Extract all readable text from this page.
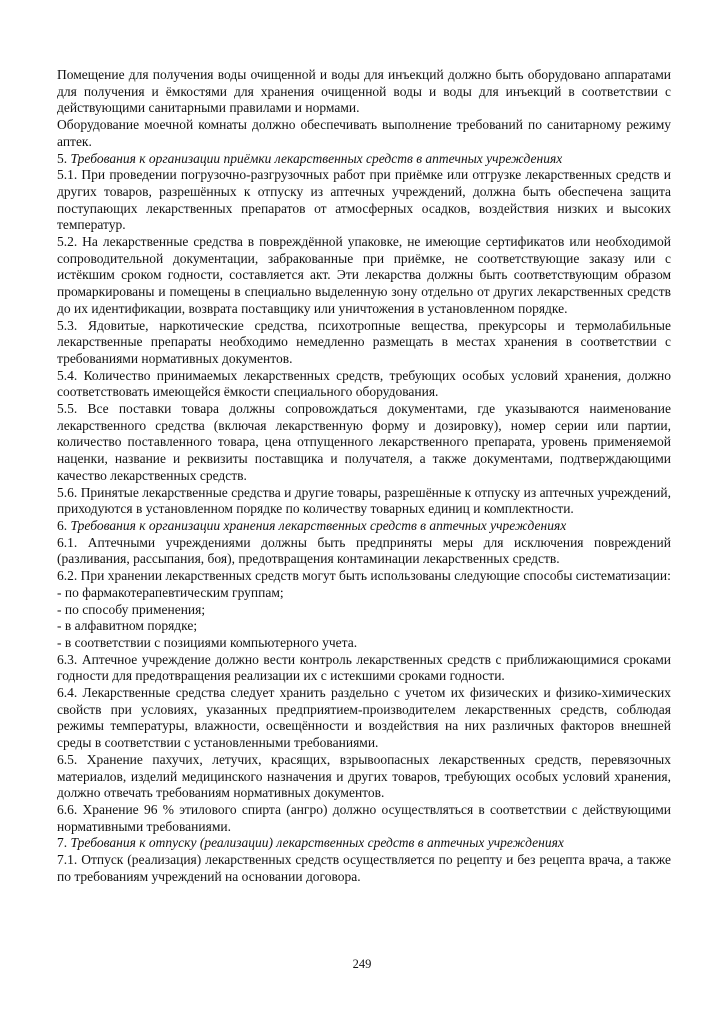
Помещение для получения воды очищенной и воды для инъекций должно быть оборудовано аппаратами для получения и ёмкостями для хранения очищенной воды и воды для инъекций в соответствии с действующими санитарными правилами и нормами.

Оборудование моечной комнаты должно обеспечивать выполнение требований по санитарному режиму аптек.

5. Требования к организации приёмки лекарственных средств в аптечных учреждениях

5.1. При проведении погрузочно-разгрузочных работ при приёмке или отгрузке лекарственных средств и других товаров, разрешённых к отпуску из аптечных учреждений, должна быть обеспечена защита поступающих лекарственных препаратов от атмосферных осадков, воздействия низких и высоких температур.

5.2. На лекарственные средства в повреждённой упаковке, не имеющие сертификатов или необходимой сопроводительной документации, забракованные при приёмке, не соответствующие заказу или с истёкшим сроком годности, составляется акт. Эти лекарства должны быть соответствующим образом промаркированы и помещены в специально выделенную зону отдельно от других лекарственных средств до их идентификации, возврата поставщику или уничтожения в установленном порядке.

5.3. Ядовитые, наркотические средства, психотропные вещества, прекурсоры и термолабильные лекарственные препараты необходимо немедленно размещать в местах хранения в соответствии с требованиями нормативных документов.

5.4. Количество принимаемых лекарственных средств, требующих особых условий хранения, должно соответствовать имеющейся ёмкости специального оборудования.

5.5. Все поставки товара должны сопровождаться документами, где указываются наименование лекарственного средства (включая лекарственную форму и дозировку), номер серии или партии, количество поставленного товара, цена отпущенного лекарственного препарата, уровень применяемой наценки, название и реквизиты поставщика и получателя, а также документами, подтверждающими качество лекарственных средств.

5.6. Принятые лекарственные средства и другие товары, разрешённые к отпуску из аптечных учреждений, приходуются в установленном порядке по количеству товарных единиц и комплектности.

6. Требования к организации хранения лекарственных средств в аптечных учреждениях

6.1. Аптечными учреждениями должны быть предприняты меры для исключения повреждений (разливания, рассыпания, боя), предотвращения контаминации лекарственных средств.

6.2. При хранении лекарственных средств могут быть использованы следующие способы систематизации:

- по фармакотерапевтическим группам;

- по способу применения;

- в алфавитном порядке;

- в соответствии с позициями компьютерного учета.

6.3. Аптечное учреждение должно вести контроль лекарственных средств с приближающимися сроками годности для предотвращения реализации их с истекшими сроками годности.

6.4. Лекарственные средства следует хранить раздельно с учетом их физических и физико-химических свойств при условиях, указанных предприятием-производителем лекарственных средств, соблюдая режимы температуры, влажности, освещённости и воздействия на них различных факторов внешней среды в соответствии с установленными требованиями.

6.5. Хранение пахучих, летучих, красящих, взрывоопасных лекарственных средств, перевязочных материалов, изделий медицинского назначения и других товаров, требующих особых условий хранения, должно отвечать требованиям нормативных документов.

6.6. Хранение 96 % этилового спирта (ангро) должно осуществляться в соответствии с действующими нормативными требованиями.

7. Требования к отпуску (реализации) лекарственных средств в аптечных учреждениях

7.1. Отпуск (реализация) лекарственных средств осуществляется по рецепту и без рецепта врача, а также по требованиям учреждений на основании договора.

249
